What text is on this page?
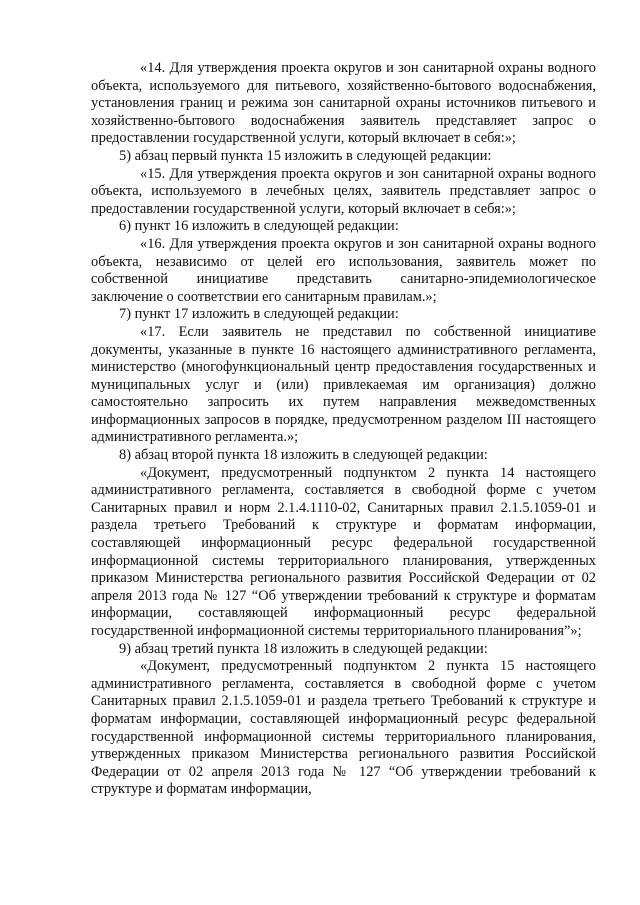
«14. Для утверждения проекта округов и зон санитарной охраны водного объекта, используемого для питьевого, хозяйственно-бытового водоснабжения, установления границ и режима зон санитарной охраны источников питьевого и хозяйственно-бытового водоснабжения заявитель представляет запрос о предоставлении государственной услуги, который включает в себя:»;

5) абзац первый пункта 15 изложить в следующей редакции:

«15. Для утверждения проекта округов и зон санитарной охраны водного объекта, используемого в лечебных целях, заявитель представляет запрос о предоставлении государственной услуги, который включает в себя:»;

6) пункт 16 изложить в следующей редакции:

«16. Для утверждения проекта округов и зон санитарной охраны водного объекта, независимо от целей его использования, заявитель может по собственной инициативе представить санитарно-эпидемиологическое заключение о соответствии его санитарным правилам.»;

7) пункт 17 изложить в следующей редакции:

«17. Если заявитель не представил по собственной инициативе документы, указанные в пункте 16 настоящего административного регламента, министерство (многофункциональный центр предоставления государственных и муниципальных услуг и (или) привлекаемая им организация) должно самостоятельно запросить их путем направления межведомственных информационных запросов в порядке, предусмотренном разделом III настоящего административного регламента.»;

8) абзац второй пункта 18 изложить в следующей редакции:

«Документ, предусмотренный подпунктом 2 пункта 14 настоящего административного регламента, составляется в свободной форме с учетом Санитарных правил и норм 2.1.4.1110-02, Санитарных правил 2.1.5.1059-01 и раздела третьего Требований к структуре и форматам информации, составляющей информационный ресурс федеральной государственной информационной системы территориального планирования, утвержденных приказом Министерства регионального развития Российской Федерации от 02 апреля 2013 года № 127 “Об утверждении требований к структуре и форматам информации, составляющей информационный ресурс федеральной государственной информационной системы территориального планирования”»;

9) абзац третий пункта 18 изложить в следующей редакции:

«Документ, предусмотренный подпунктом 2 пункта 15 настоящего административного регламента, составляется в свободной форме с учетом Санитарных правил 2.1.5.1059-01 и раздела третьего Требований к структуре и форматам информации, составляющей информационный ресурс федеральной государственной информационной системы территориального планирования, утвержденных приказом Министерства регионального развития Российской Федерации от 02 апреля 2013 года № 127 “Об утверждении требований к структуре и форматам информации,
